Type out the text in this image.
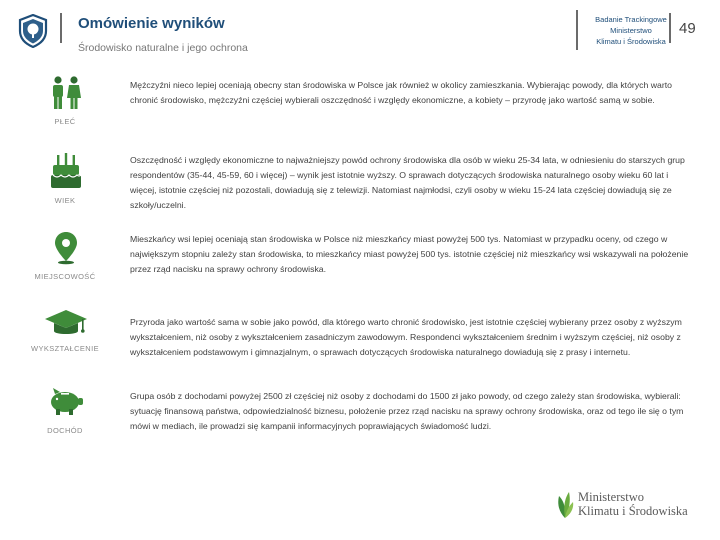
Omówienie wyników
Środowisko naturalne i jego ochrona
Badanie Trackingowe
Ministerstwo
Klimatu i Środowiska
49
PŁEĆ
Mężczyźni nieco lepiej oceniają obecny stan środowiska w Polsce jak również w okolicy zamieszkania. Wybierając powody, dla których warto chronić środowisko, mężczyźni częściej wybierali oszczędność i względy ekonomiczne, a kobiety – przyrodę jako wartość samą w sobie.
WIEK
Oszczędność i względy ekonomiczne to najważniejszy powód ochrony środowiska dla osób w wieku 25-34 lata, w odniesieniu do starszych grup respondentów (35-44, 45-59, 60 i więcej) – wynik jest istotnie wyższy. O sprawach dotyczących środowiska naturalnego osoby wieku 60 lat i więcej, istotnie częściej niż pozostali, dowiadują się z telewizji. Natomiast najmłodsi, czyli osoby w wieku 15-24 lata częściej dowiadują się ze szkoły/uczelni.
MIEJSCOWOŚĆ
Mieszkańcy wsi lepiej oceniają stan środowiska w Polsce niż mieszkańcy miast powyżej 500 tys. Natomiast w przypadku oceny, od czego w największym stopniu zależy stan środowiska, to mieszkańcy miast powyżej 500 tys. istotnie częściej niż mieszkańcy wsi wskazywali na położenie przez rząd nacisku na sprawy ochrony środowiska.
WYKSZTAŁCENIE
Przyroda jako wartość sama w sobie jako powód, dla którego warto chronić środowisko, jest istotnie częściej wybierany przez osoby z wyższym wykształceniem, niż osoby z wykształceniem zasadniczym zawodowym. Respondenci wykształceniem średnim i wyższym częściej, niż osoby z wykształceniem podstawowym i gimnazjalnym, o sprawach dotyczących środowiska naturalnego dowiadują się z prasy i internetu.
DOCHÓD
Grupa osób z dochodami powyżej 2500 zł częściej niż osoby z dochodami do 1500 zł jako powody, od czego zależy stan środowiska, wybierali: sytuację finansową państwa, odpowiedzialność biznesu, położenie przez rząd nacisku na sprawy ochrony środowiska, oraz od tego ile się o tym mówi w mediach, ile prowadzi się kampanii informacyjnych poprawiających świadomość ludzi.
Ministerstwo
Klimatu i Środowiska
